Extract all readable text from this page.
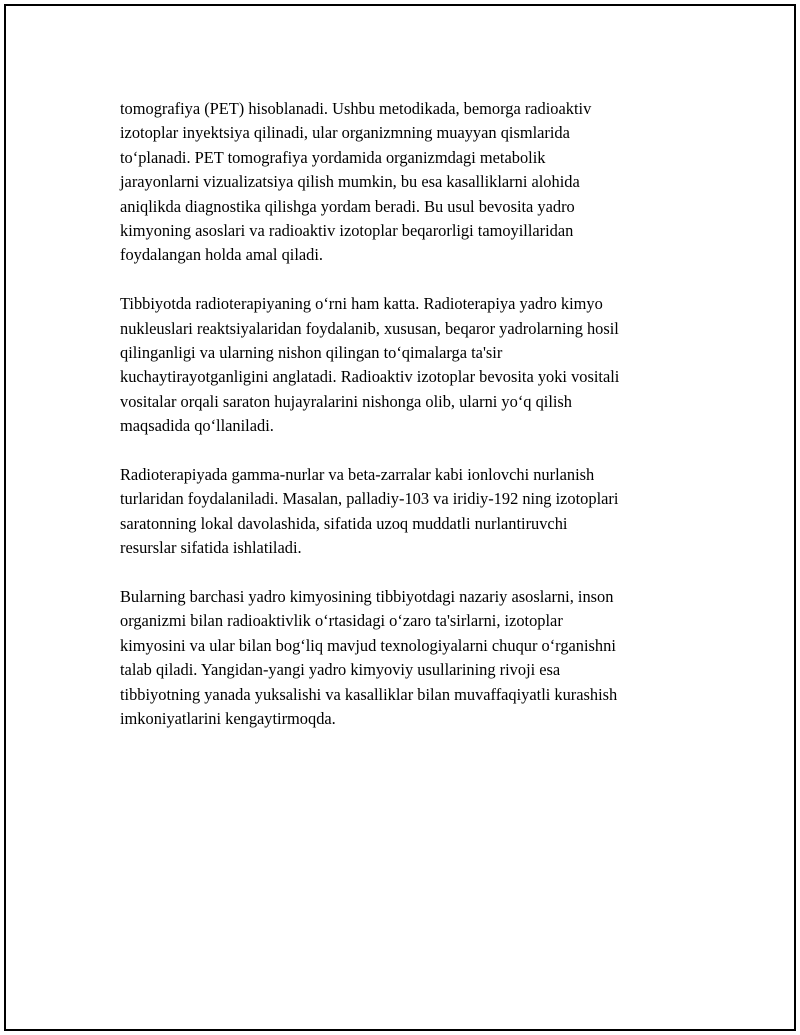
tomografiya (PET) hisoblanadi. Ushbu metodikada, bemorga radioaktiv
izotoplar inyektsiya qilinadi, ular organizmning muayyan qismlarida
to‘planadi. PET tomografiya yordamida organizmdagi metabolik
jarayonlarni vizualizatsiya qilish mumkin, bu esa kasalliklarni alohida
aniqlikda diagnostika qilishga yordam beradi. Bu usul bevosita yadro
kimyoning asoslari va radioaktiv izotoplar beqarorligi tamoyillaridan
foydalangan holda amal qiladi.

Tibbiyotda radioterapiyaning o‘rni ham katta. Radioterapiya yadro kimyo
nukleuslari reaktsiyalaridan foydalanib, xususan, beqaror yadrolarning hosil
qilinganligi va ularning nishon qilingan to‘qimalarga ta'sir
kuchaytirayotganligini anglatadi. Radioaktiv izotoplar bevosita yoki vositali
vositalar orqali saraton hujayralarini nishonga olib, ularni yo‘q qilish
maqsadida qo‘llaniladi.

Radioterapiyada gamma-nurlar va beta-zarralar kabi ionlovchi nurlanish
turlaridan foydalaniladi. Masalan, palladiy-103 va iridiy-192 ning izotoplari
saratonning lokal davolashida, sifatida uzoq muddatli nurlantiruvchi
resurslar sifatida ishlatiladi.

Bularning barchasi yadro kimyosining tibbiyotdagi nazariy asoslarni, inson
organizmi bilan radioaktivlik o‘rtasidagi o‘zaro ta'sirlarni, izotoplar
kimyosini va ular bilan bog‘liq mavjud texnologiyalarni chuqur o‘rganishni
talab qiladi. Yangidan-yangi yadro kimyoviy usullarining rivoji esa
tibbiyotning yanada yuksalishi va kasalliklar bilan muvaffaqiyatli kurashish
imkoniyatlarini kengaytirmoqda.
